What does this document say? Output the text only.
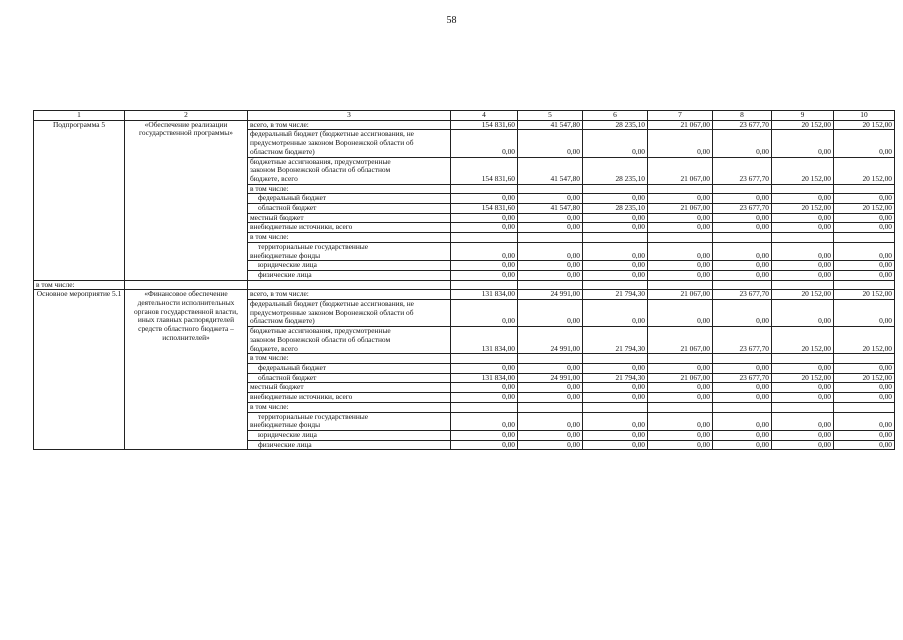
58
1	2	3	4	5	6	7	8	9	10
Подпрограмма 5	«Обеспечение реализации государственной программы»	всего, в том числе:	154 831,60	41 547,80	28 235,10	21 067,00	23 677,70	20 152,00	20 152,00

		федеральный бюджет (бюджетные ассигнования, не
предусмотренные законом Воронежской области об
областном бюджете)	0,00	0,00	0,00	0,00	0,00	0,00	0,00

		бюджетные ассигнования, предусмотренные
законом Воронежской области об областном
бюджете, всего	154 831,60	41 547,80	28 235,10	21 067,00	23 677,70	20 152,00	20 152,00

		в том числе:							

		федеральный бюджет	0,00	0,00	0,00	0,00	0,00	0,00	0,00

		областной бюджет	154 831,60	41 547,80	28 235,10	21 067,00	23 677,70	20 152,00	20 152,00

		местный бюджет	0,00	0,00	0,00	0,00	0,00	0,00	0,00

		внебюджетные источники, всего	0,00	0,00	0,00	0,00	0,00	0,00	0,00

		в том числе:							

		территориальные государственные
внебюджетные фонды	0,00	0,00	0,00	0,00	0,00	0,00	0,00

		юридические лица	0,00	0,00	0,00	0,00	0,00	0,00	0,00

		физические лица	0,00	0,00	0,00	0,00	0,00	0,00	0,00
в том числе:									
Основное мероприятие 5.1	«Финансовое обеспечение деятельности исполнительных органов государственной власти, иных главных распорядителей средств областного бюджета – исполнителей»	всего, в том числе:	131 834,00	24 991,00	21 794,30	21 067,00	23 677,70	20 152,00	20 152,00

		федеральный бюджет (бюджетные ассигнования, не
предусмотренные законом Воронежской области об
областном бюджете)	0,00	0,00	0,00	0,00	0,00	0,00	0,00

		бюджетные ассигнования, предусмотренные
законом Воронежской области об областном
бюджете, всего	131 834,00	24 991,00	21 794,30	21 067,00	23 677,70	20 152,00	20 152,00

		в том числе:							

		федеральный бюджет	0,00	0,00	0,00	0,00	0,00	0,00	0,00

		областной бюджет	131 834,00	24 991,00	21 794,30	21 067,00	23 677,70	20 152,00	20 152,00

		местный бюджет	0,00	0,00	0,00	0,00	0,00	0,00	0,00

		внебюджетные источники, всего	0,00	0,00	0,00	0,00	0,00	0,00	0,00

		в том числе:							

		территориальные государственные
внебюджетные фонды	0,00	0,00	0,00	0,00	0,00	0,00	0,00

		юридические лица	0,00	0,00	0,00	0,00	0,00	0,00	0,00

		физические лица	0,00	0,00	0,00	0,00	0,00	0,00	0,00
